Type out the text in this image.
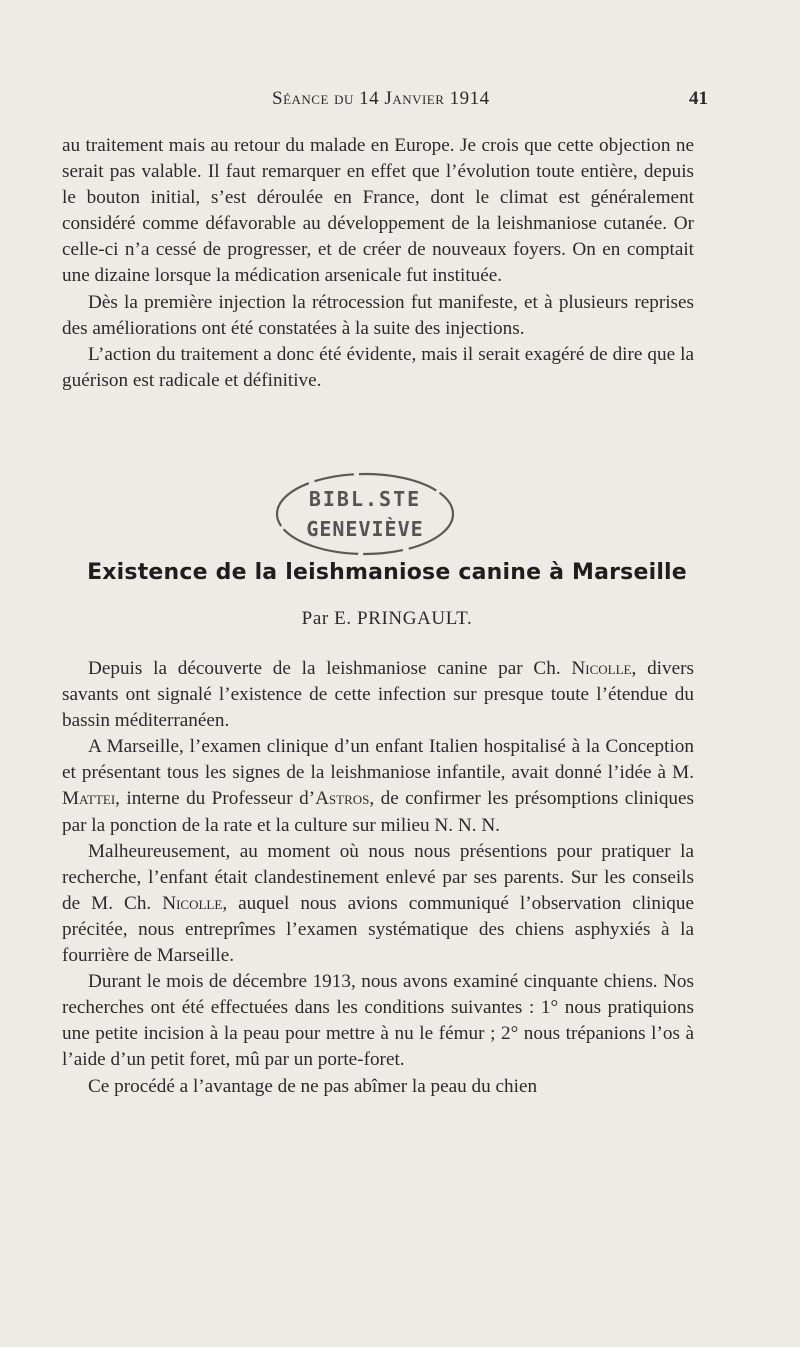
Séance du 14 Janvier 1914	41

au traitement mais au retour du malade en Europe. Je crois que cette objection ne serait pas valable. Il faut remarquer en effet que l’évolution toute entière, depuis le bouton initial, s’est déroulée en France, dont le climat est généralement considéré comme défavorable au développement de la leishmaniose cutanée. Or celle-ci n’a cessé de progresser, et de créer de nouveaux foyers. On en comptait une dizaine lorsque la médication arsenicale fut instituée.

Dès la première injection la rétrocession fut manifeste, et à plusieurs reprises des améliorations ont été constatées à la suite des injections.

L’action du traitement a donc été évidente, mais il serait exagéré de dire que la guérison est radicale et définitive.

BIBL.STE
GENEVIÈVE
Existence de la leishmaniose canine à Marseille
Par E. PRINGAULT.

Depuis la découverte de la leishmaniose canine par Ch. Nicolle, divers savants ont signalé l’existence de cette infection sur presque toute l’étendue du bassin méditerranéen.

A Marseille, l’examen clinique d’un enfant Italien hospitalisé à la Conception et présentant tous les signes de la leishmaniose infantile, avait donné l’idée à M. Mattei, interne du Professeur d’Astros, de confirmer les présomptions cliniques par la ponction de la rate et la culture sur milieu N. N. N.

Malheureusement, au moment où nous nous présentions pour pratiquer la recherche, l’enfant était clandestinement enlevé par ses parents. Sur les conseils de M. Ch. Nicolle, auquel nous avions communiqué l’observation clinique précitée, nous entreprîmes l’examen systématique des chiens asphyxiés à la fourrière de Marseille.

Durant le mois de décembre 1913, nous avons examiné cinquante chiens. Nos recherches ont été effectuées dans les conditions suivantes : 1° nous pratiquions une petite incision à la peau pour mettre à nu le fémur ; 2° nous trépanions l’os à l’aide d’un petit foret, mû par un porte-foret.

Ce procédé a l’avantage de ne pas abîmer la peau du chien
